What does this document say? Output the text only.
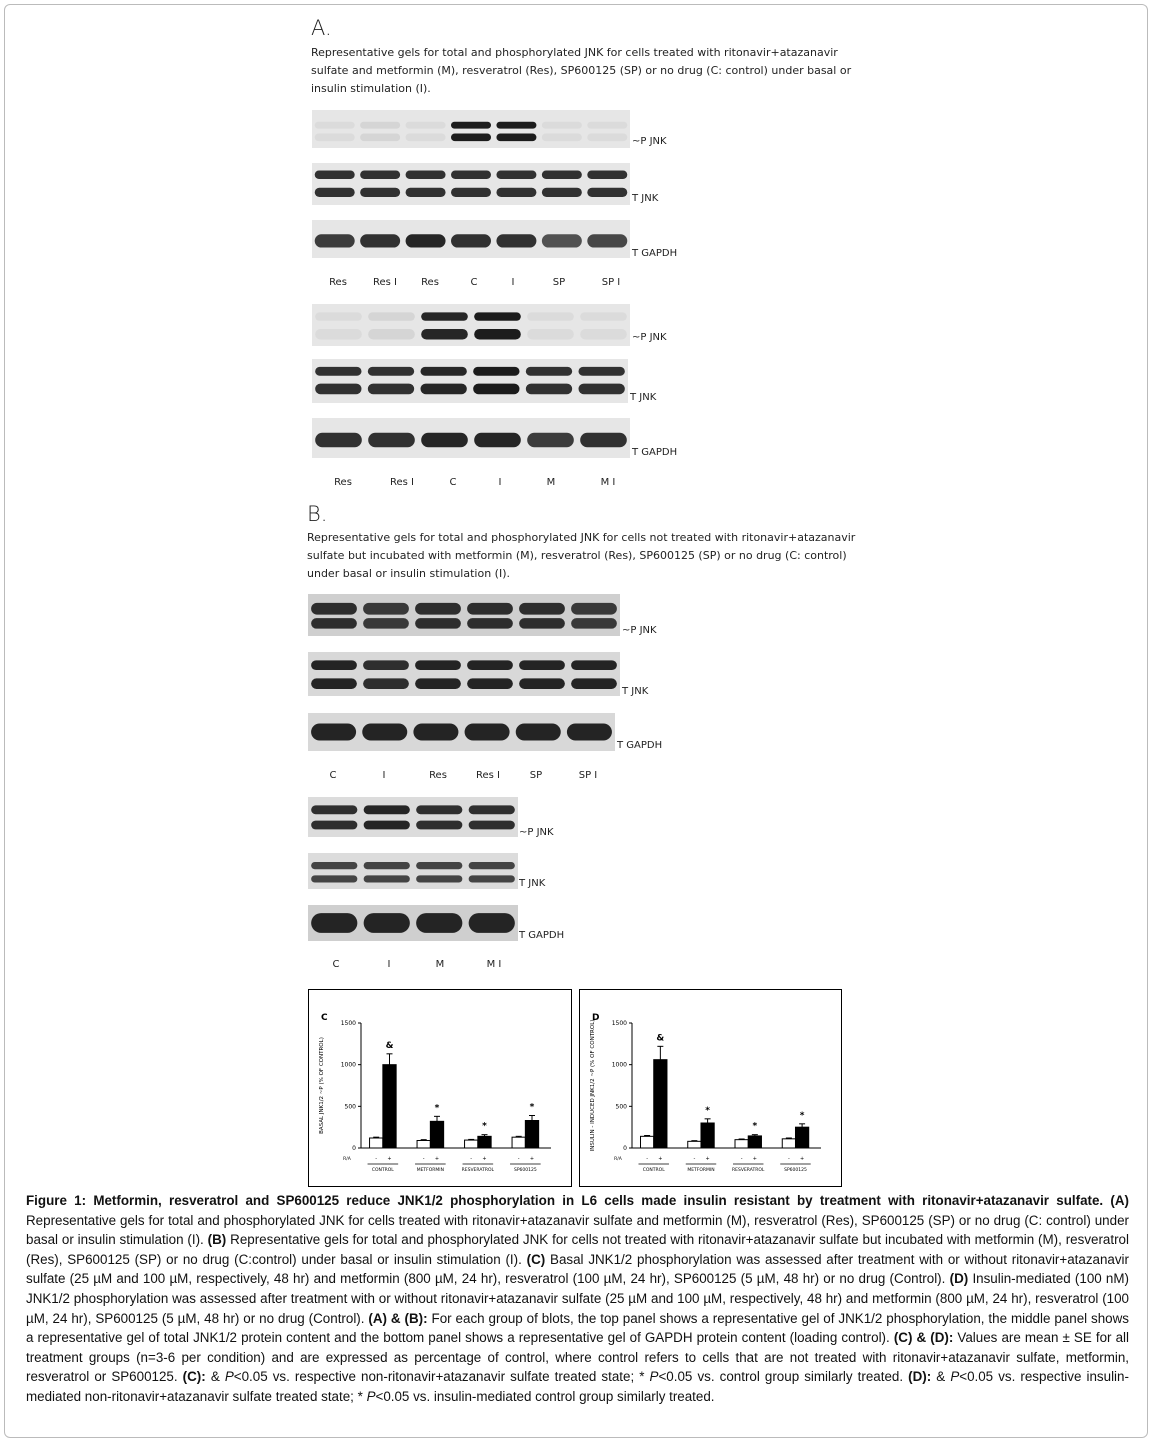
A.
Representative gels for total and phosphorylated JNK for cells treated with ritonavir+atazanavir sulfate and metformin (M), resveratrol (Res), SP600125 (SP) or no drug (C: control) under basal or insulin stimulation (I).
~P JNK
T JNK
T GAPDH
Res	Res I Res	C	I	SP	SP I
~P JNK
T JNK
T GAPDH
Res	Res I	C	I	M	M I
B.
Representative gels for total and phosphorylated JNK for cells not treated with ritonavir+atazanavir sulfate but incubated with metformin (M), resveratrol (Res), SP600125 (SP) or no drug (C: control) under basal or insulin stimulation (I).
~P JNK
T JNK
T GAPDH
C	I	Res	Res I	SP	SP I
~P JNK
T JNK
T GAPDH
C	I	M	M I
C
BASAL JNK1/2 ~P (% OF CONTROL)
0
500
1000
1500
R/A	-
&
+
CONTROL
-
*
+
METFORMIN
-
*
+
RESVERATROL
-
*
+
SP600125
D
INSULIN - INDUCED JNK1/2 ~P (% OF CONTROL)	0
500
1000
1500
R/A	-
&
+
CONTROL
-
*
+
METFORMIN
-
*
+
RESVERATROL
-
*
+
SP600125
Figure 1: Metformin, resveratrol and SP600125 reduce JNK1/2 phosphorylation in L6 cells made insulin resistant by treatment with ritonavir+atazanavir sulfate. (A) Representative gels for total and phosphorylated JNK for cells treated with ritonavir+atazanavir sulfate and metformin (M), resveratrol (Res), SP600125 (SP) or no drug (C: control) under basal or insulin stimulation (I). (B) Representative gels for total and phosphorylated JNK for cells not treated with ritonavir+atazanavir sulfate but incubated with metformin (M), resveratrol (Res), SP600125 (SP) or no drug (C:control) under basal or insulin stimulation (I). (C) Basal JNK1/2 phosphorylation was assessed after treatment with or without ritonavir+atazanavir sulfate (25 µM and 100 µM, respectively, 48 hr) and metformin (800 µM, 24 hr), resveratrol (100 µM, 24 hr), SP600125 (5 µM, 48 hr) or no drug (Control). (D) Insulin-mediated (100 nM) JNK1/2 phosphorylation was assessed after treatment with or without ritonavir+atazanavir sulfate (25 µM and 100 µM, respectively, 48 hr) and metformin (800 µM, 24 hr), resveratrol (100 µM, 24 hr), SP600125 (5 µM, 48 hr) or no drug (Control). (A) & (B): For each group of blots, the top panel shows a representative gel of JNK1/2 phosphorylation, the middle panel shows a representative gel of total JNK1/2 protein content and the bottom panel shows a representative gel of GAPDH protein content (loading control). (C) & (D): Values are mean ± SE for all treatment groups (n=3-6 per condition) and are expressed as percentage of control, where control refers to cells that are not treated with ritonavir+atazanavir sulfate, metformin, resveratrol or SP600125. (C): & P<0.05 vs. respective non-ritonavir+atazanavir sulfate treated state; * P<0.05 vs. control group similarly treated. (D): & P<0.05 vs. respective insulin-mediated non-ritonavir+atazanavir sulfate treated state; * P<0.05 vs. insulin-mediated control group similarly treated.
